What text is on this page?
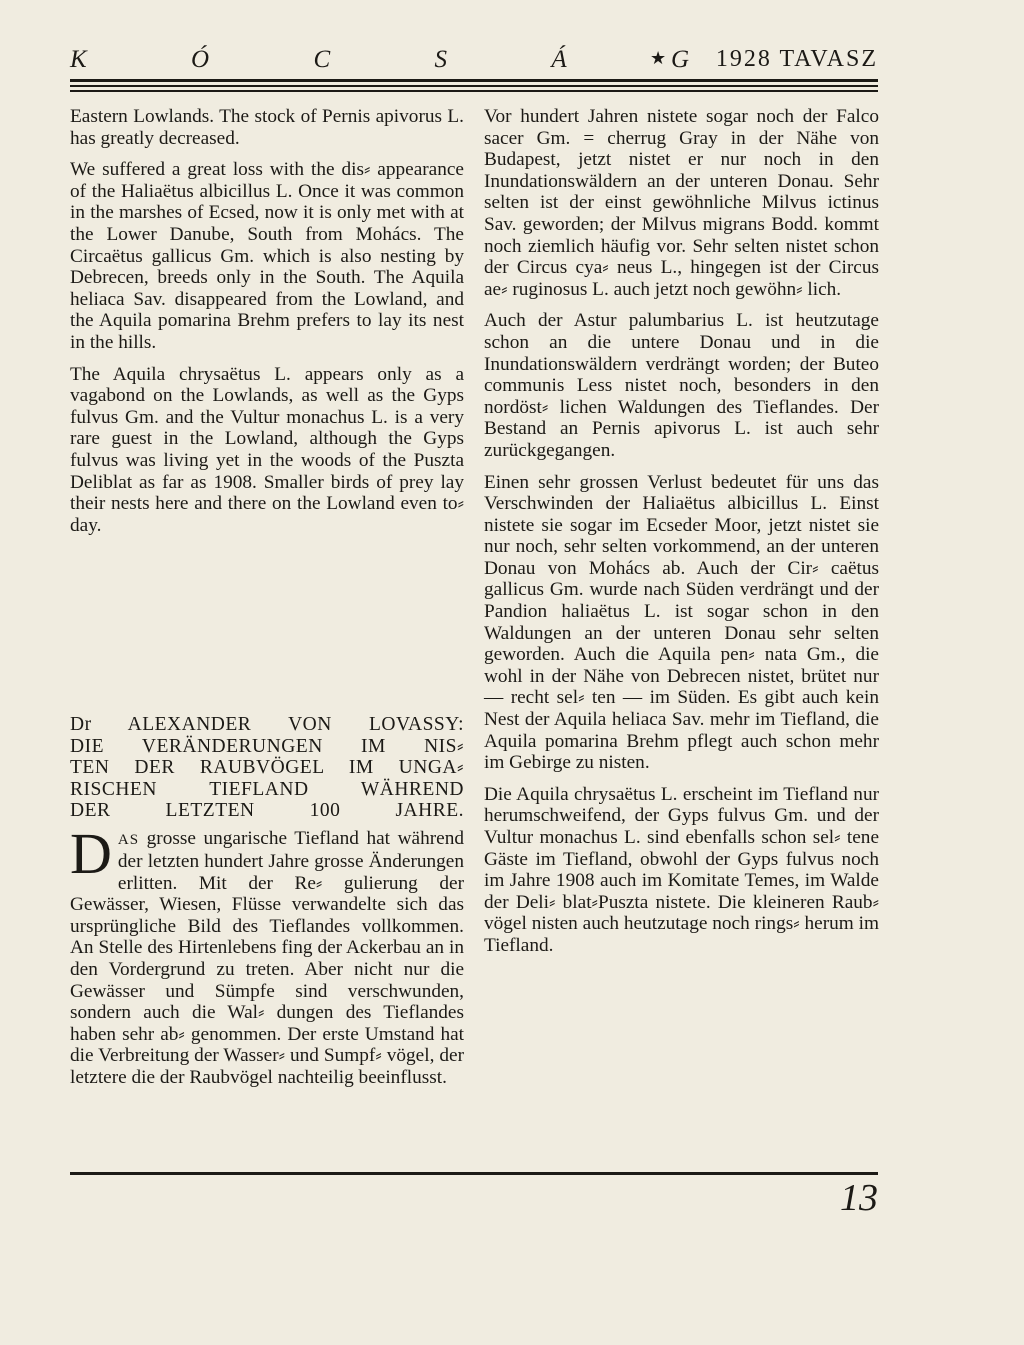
K	Ó	C	S	Á	G
★ 1928 TAVASZ

Eastern Lowlands. The stock of Pernis apivorus L. has greatly decreased.

We suffered a great loss with the dis⸗ appearance of the Haliaëtus albicillus L. Once it was common in the marshes of Ecsed, now it is only met with at the Lower Danube, South from Mohács. The Circaëtus gallicus Gm. which is also nesting by Debrecen, breeds only in the South. The Aquila heliaca Sav. disappeared from the Lowland, and the Aquila pomarina Brehm prefers to lay its nest in the hills.

The Aquila chrysaëtus L. appears only as a vagabond on the Lowlands, as well as the Gyps fulvus Gm. and the Vultur monachus L. is a very rare guest in the Lowland, although the Gyps fulvus was living yet in the woods of the Puszta Deliblat as far as 1908. Smaller birds of prey lay their nests here and there on the Lowland even to⸗day.

Dr ALEXANDER VON LOVASSY:
DIE VERÄNDERUNGEN IM NIS⸗
TEN DER RAUBVÖGEL IM UNGA⸗
RISCHEN TIEFLAND WÄHREND
DER LETZTEN 100 JAHRE.

DAS grosse ungarische Tiefland hat während der letzten hundert Jahre grosse Änderungen erlitten. Mit der Re⸗ gulierung der Gewässer, Wiesen, Flüsse verwandelte sich das ursprüngliche Bild des Tieflandes vollkommen. An Stelle des Hirtenlebens fing der Ackerbau an in den Vordergrund zu treten. Aber nicht nur die Gewässer und Sümpfe sind verschwunden, sondern auch die Wal⸗ dungen des Tieflandes haben sehr ab⸗ genommen. Der erste Umstand hat die Verbreitung der Wasser⸗ und Sumpf⸗ vögel, der letztere die der Raubvögel nachteilig beeinflusst.

Vor hundert Jahren nistete sogar noch der Falco sacer Gm. = cherrug Gray in der Nähe von Budapest, jetzt nistet er nur noch in den Inundationswäldern an der unteren Donau. Sehr selten ist der einst gewöhnliche Milvus ictinus Sav. geworden; der Milvus migrans Bodd. kommt noch ziemlich häufig vor. Sehr selten nistet schon der Circus cya⸗ neus L., hingegen ist der Circus ae⸗ ruginosus L. auch jetzt noch gewöhn⸗ lich.

Auch der Astur palumbarius L. ist heutzutage schon an die untere Donau und in die Inundationswäldern verdrängt worden; der Buteo communis Less nistet noch, besonders in den nordöst⸗ lichen Waldungen des Tieflandes. Der Bestand an Pernis apivorus L. ist auch sehr zurückgegangen.

Einen sehr grossen Verlust bedeutet für uns das Verschwinden der Haliaëtus albicillus L. Einst nistete sie sogar im Ecseder Moor, jetzt nistet sie nur noch, sehr selten vorkommend, an der unteren Donau von Mohács ab. Auch der Cir⸗ caëtus gallicus Gm. wurde nach Süden verdrängt und der Pandion haliaëtus L. ist sogar schon in den Waldungen an der unteren Donau sehr selten geworden. Auch die Aquila pen⸗ nata Gm., die wohl in der Nähe von Debrecen nistet, brütet nur — recht sel⸗ ten — im Süden. Es gibt auch kein Nest der Aquila heliaca Sav. mehr im Tiefland, die Aquila pomarina Brehm pflegt auch schon mehr im Gebirge zu nisten.

Die Aquila chrysaëtus L. erscheint im Tiefland nur herumschweifend, der Gyps fulvus Gm. und der Vultur monachus L. sind ebenfalls schon sel⸗ tene Gäste im Tiefland, obwohl der Gyps fulvus noch im Jahre 1908 auch im Komitate Temes, im Walde der Deli⸗ blat⸗Puszta nistete. Die kleineren Raub⸗ vögel nisten auch heutzutage noch rings⸗ herum im Tiefland.

13
